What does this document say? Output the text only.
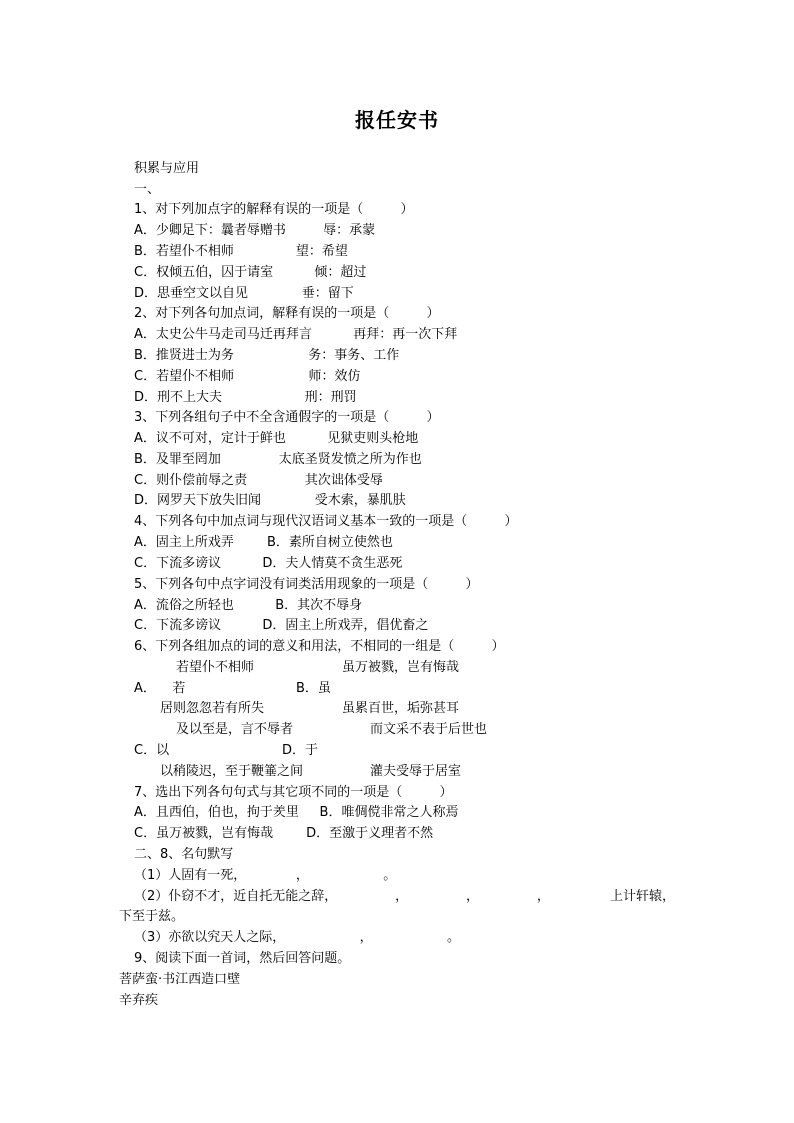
报任安书
积累与应用
一、
1、对下列加点字的解释有误的一项是（         ）
A．少卿足下：曩者辱赠书         辱：承蒙
B．若望仆不相师               望：希望
C．权倾五伯，囚于请室          倾：超过
D．思垂空文以自见             垂：留下
2、对下列各句加点词，解释有误的一项是（         ）
A．太史公牛马走司马迁再拜言          再拜：再一次下拜
B．推贤进士为务                  务：事务、工作
C．若望仆不相师                  师：效仿
D．刑不上大夫                    刑：刑罚
3、下列各组句子中不全含通假字的一项是（         ）
A．议不可对，定计于鲜也          见狱吏则头枪地
B．及罪至罔加              太底圣贤发愤之所为作也
C．则仆偿前辱之责              其次诎体受辱
D．网罗天下放失旧闻             受木索，暴肌肤
4、下列各句中加点词与现代汉语词义基本一致的一项是（         ）
A．固主上所戏弄        B．素所自树立使然也
C．下流多谤议          D．夫人情莫不贪生恶死
5、下列各句中点字词没有词类活用现象的一项是（         ）
A．流俗之所轻也          B．其次不辱身
C．下流多谤议          D．固主上所戏弄，倡优畜之
6、下列各组加点的词的意义和用法，不相同的一组是（         ）
若望仆不相师	虽万被戮，岂有悔哉
A．    若	B．虽
居则忽忽若有所失	虽累百世，垢弥甚耳
及以至是，言不辱者	而文采不表于后世也
C．以	D．于
以稍陵迟，至于鞭箠之间	灌夫受辱于居室
7、选出下列各句句式与其它项不同的一项是（         ）
A．且西伯，伯也，拘于羑里     B．唯倜傥非常之人称焉
C．虽万被戮，岂有悔哉        D．至激于义理者不然
二、8、名句默写
（1）人固有一死，            ，                  。
（2）仆窃不才，近自托无能之辞，              ，              ，              ，	上计轩辕，
下至于兹。
（3）亦欲以究天人之际，                  ，                  。
9、阅读下面一首词，然后回答问题。
菩萨蛮·书江西造口壁
辛弃疾
